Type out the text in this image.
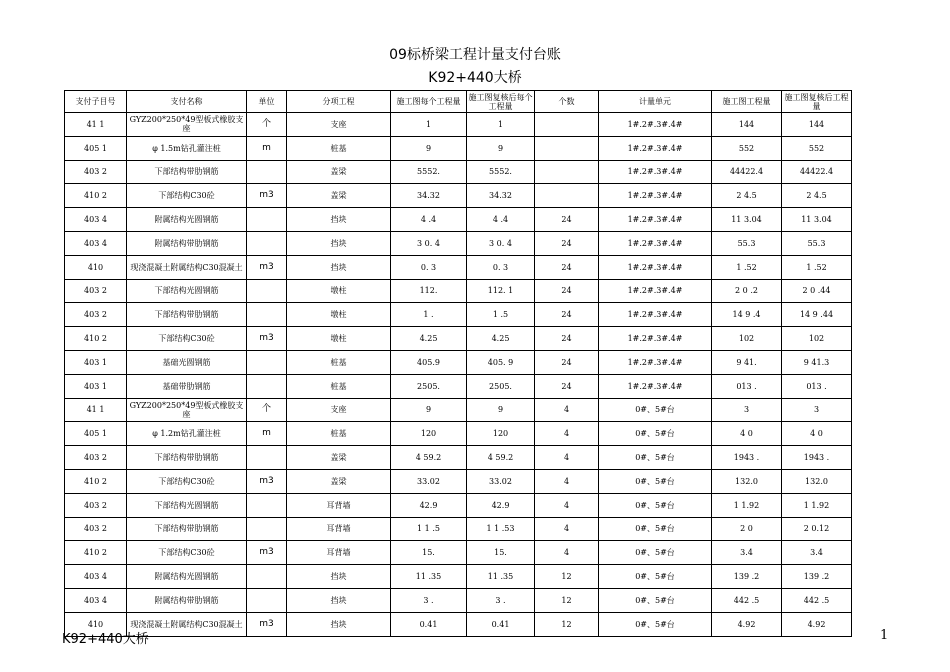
09标桥梁工程计量支付台账
K92+440大桥
支付子目号	支付名称	单位	分项工程	施工图每个工程量	施工图复核后每个工程量	个数	计量单元	施工图工程量	施工图复核后工程量
41 1	GYZ200*250*49型板式橡胶支座	个	支座	1	1		1#.2#.3#.4#	144	144
405 1	φ 1.5m钻孔灌注桩	m	桩基	9	9		1#.2#.3#.4#	552	552
403 2	下部结构带肋钢筋		盖梁	5552.	5552.		1#.2#.3#.4#	44422.4	44422.4
410 2	下部结构C30砼	m3	盖梁	34.32	34.32		1#.2#.3#.4#	2 4.5	2 4.5
403 4	附属结构光圆钢筋		挡块	4 .4	4 .4	24	1#.2#.3#.4#	11 3.04	11 3.04
403 4	附属结构带肋钢筋		挡块	3 0. 4	3 0. 4	24	1#.2#.3#.4#	55.3	55.3
410	现浇混凝土附属结构C30混凝土	m3	挡块	0. 3	0. 3	24	1#.2#.3#.4#	1 .52	1 .52
403 2	下部结构光圆钢筋		墩柱	112.	112. 1	24	1#.2#.3#.4#	2 0 .2	2 0 .44
403 2	下部结构带肋钢筋		墩柱	1 .	1 .5	24	1#.2#.3#.4#	14 9 .4	14 9 .44
410 2	下部结构C30砼	m3	墩柱	4.25	4.25	24	1#.2#.3#.4#	102	102
403 1	基础光圆钢筋		桩基	405.9	405. 9	24	1#.2#.3#.4#	9 41.	9 41.3
403 1	基础带肋钢筋		桩基	2505.	2505.	24	1#.2#.3#.4#	013 .	013 .
41 1	GYZ200*250*49型板式橡胶支座	个	支座	9	9	4	0#、5#台	3	3
405 1	φ 1.2m钻孔灌注桩	m	桩基	120	120	4	0#、5#台	4 0	4 0
403 2	下部结构带肋钢筋		盖梁	4 59.2	4 59.2	4	0#、5#台	1943 .	1943 .
410 2	下部结构C30砼	m3	盖梁	33.02	33.02	4	0#、5#台	132.0	132.0
403 2	下部结构光圆钢筋		耳背墙	42.9	42.9	4	0#、5#台	1 1.92	1 1.92
403 2	下部结构带肋钢筋		耳背墙	1 1 .5	1 1 .53	4	0#、5#台	2 0	2 0.12
410 2	下部结构C30砼	m3	耳背墙	15.	15.	4	0#、5#台	3.4	3.4
403 4	附属结构光圆钢筋		挡块	11 .35	11 .35	12	0#、5#台	139 .2	139 .2
403 4	附属结构带肋钢筋		挡块	3 .	3 .	12	0#、5#台	442 .5	442 .5
410	现浇混凝土附属结构C30混凝土	m3	挡块	0.41	0.41	12	0#、5#台	4.92	4.92
K92+440大桥	1
